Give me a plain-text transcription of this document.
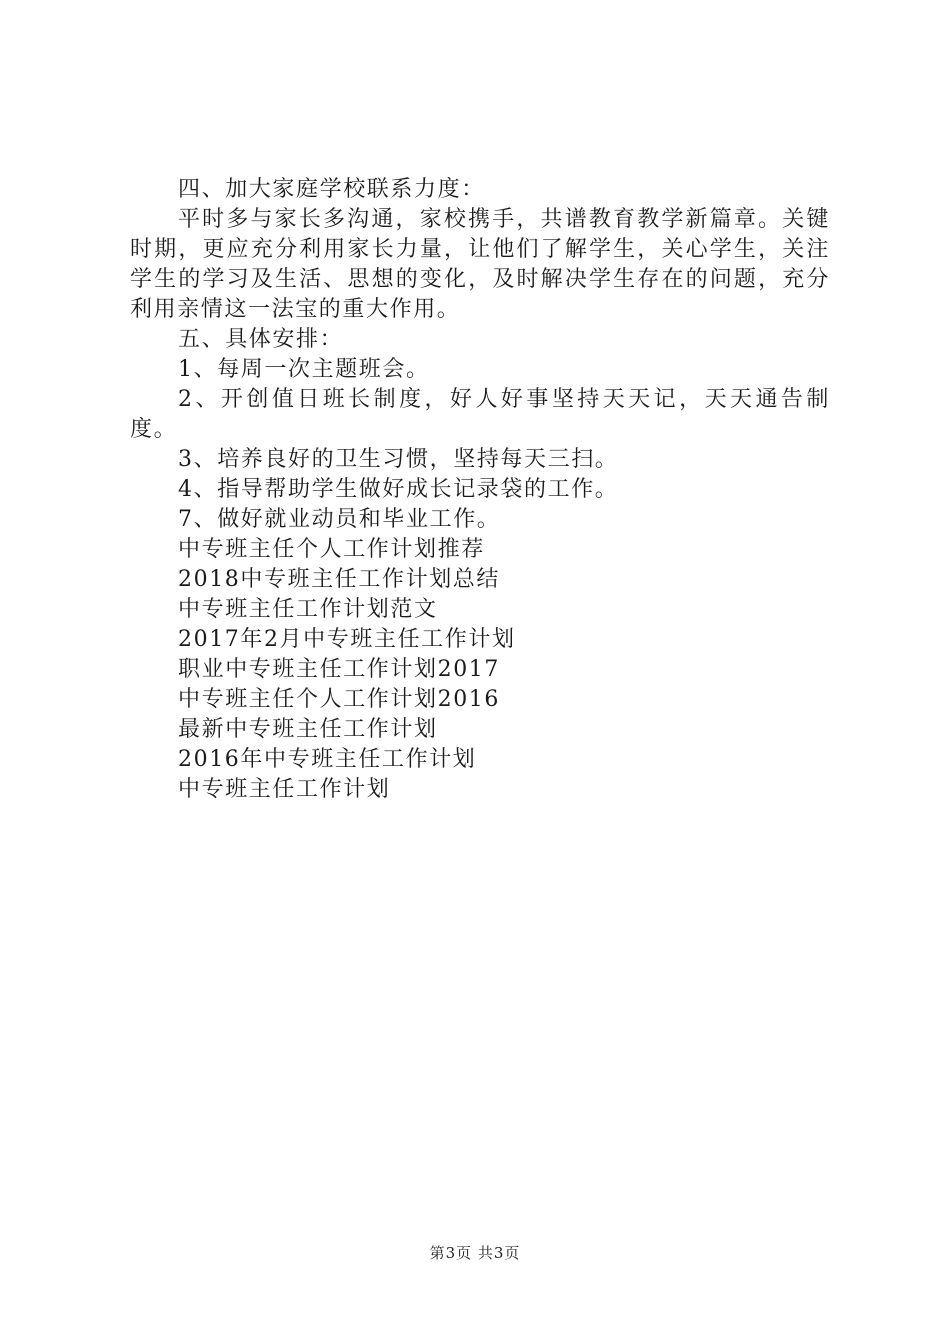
四、加大家庭学校联系力度：

平时多与家长多沟通，家校携手，共谱教育教学新篇章。关键时期，更应充分利用家长力量，让他们了解学生，关心学生，关注学生的学习及生活、思想的变化，及时解决学生存在的问题，充分利用亲情这一法宝的重大作用。

五、具体安排：

1、每周一次主题班会。

2、开创值日班长制度，好人好事坚持天天记，天天通告制度。

3、培养良好的卫生习惯，坚持每天三扫。

4、指导帮助学生做好成长记录袋的工作。

7、做好就业动员和毕业工作。

中专班主任个人工作计划推荐
2018中专班主任工作计划总结
中专班主任工作计划范文
2017年2月中专班主任工作计划
职业中专班主任工作计划2017
中专班主任个人工作计划2016
最新中专班主任工作计划
2016年中专班主任工作计划
中专班主任工作计划
第3页 共3页
